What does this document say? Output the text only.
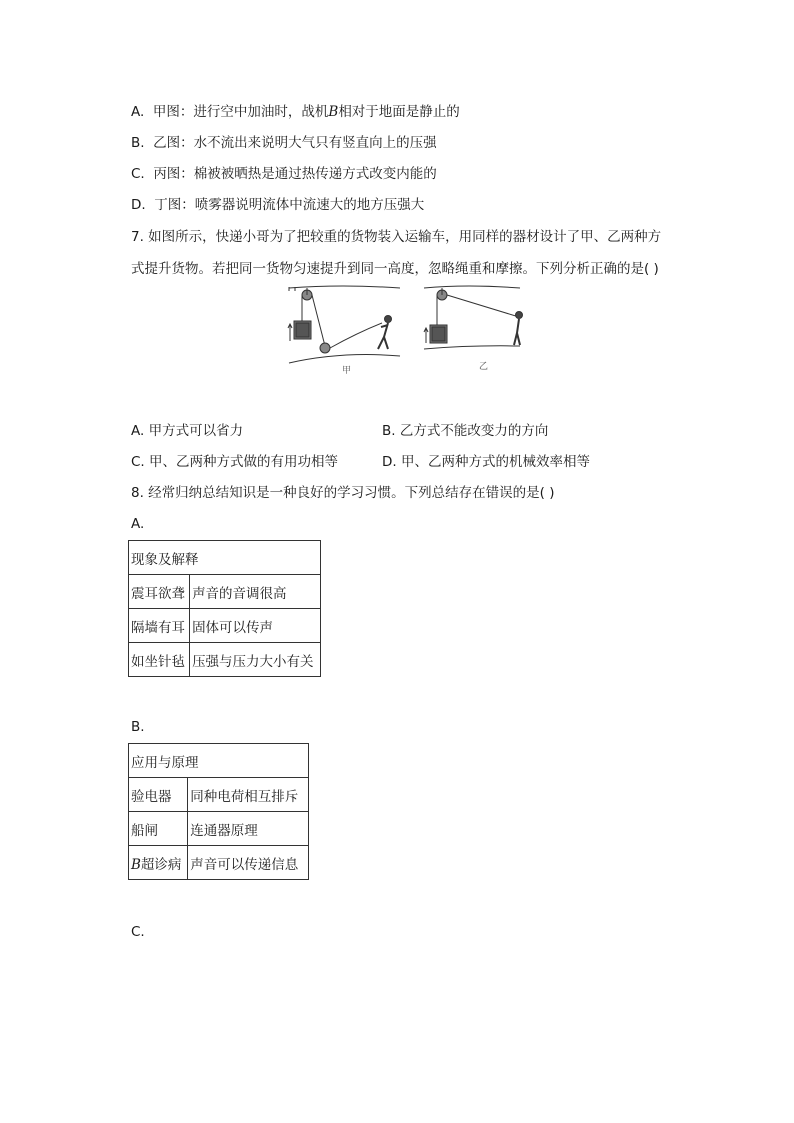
A. 甲图：进行空中加油时，战机B相对于地面是静止的
B. 乙图：水不流出来说明大气只有竖直向上的压强
C. 丙图：棉被被晒热是通过热传递方式改变内能的
D. 丁图：喷雾器说明流体中流速大的地方压强大
7. 如图所示，快递小哥为了把较重的货物装入运输车，用同样的器材设计了甲、乙两种方
式提升货物。若把同一货物匀速提升到同一高度，忽略绳重和摩擦。下列分析正确的是( )
甲	乙
A. 甲方式可以省力	B. 乙方式不能改变力的方向
C. 甲、乙两种方式做的有用功相等	D. 甲、乙两种方式的机械效率相等
8. 经常归纳总结知识是一种良好的学习习惯。下列总结存在错误的是( )
A.
现象及解释	
震耳欲聋	声音的音调很高
隔墙有耳	固体可以传声
如坐针毡	压强与压力大小有关
B.
应用与原理	
验电器	同种电荷相互排斥
船闸	连通器原理
B超诊病	声音可以传递信息
C.
